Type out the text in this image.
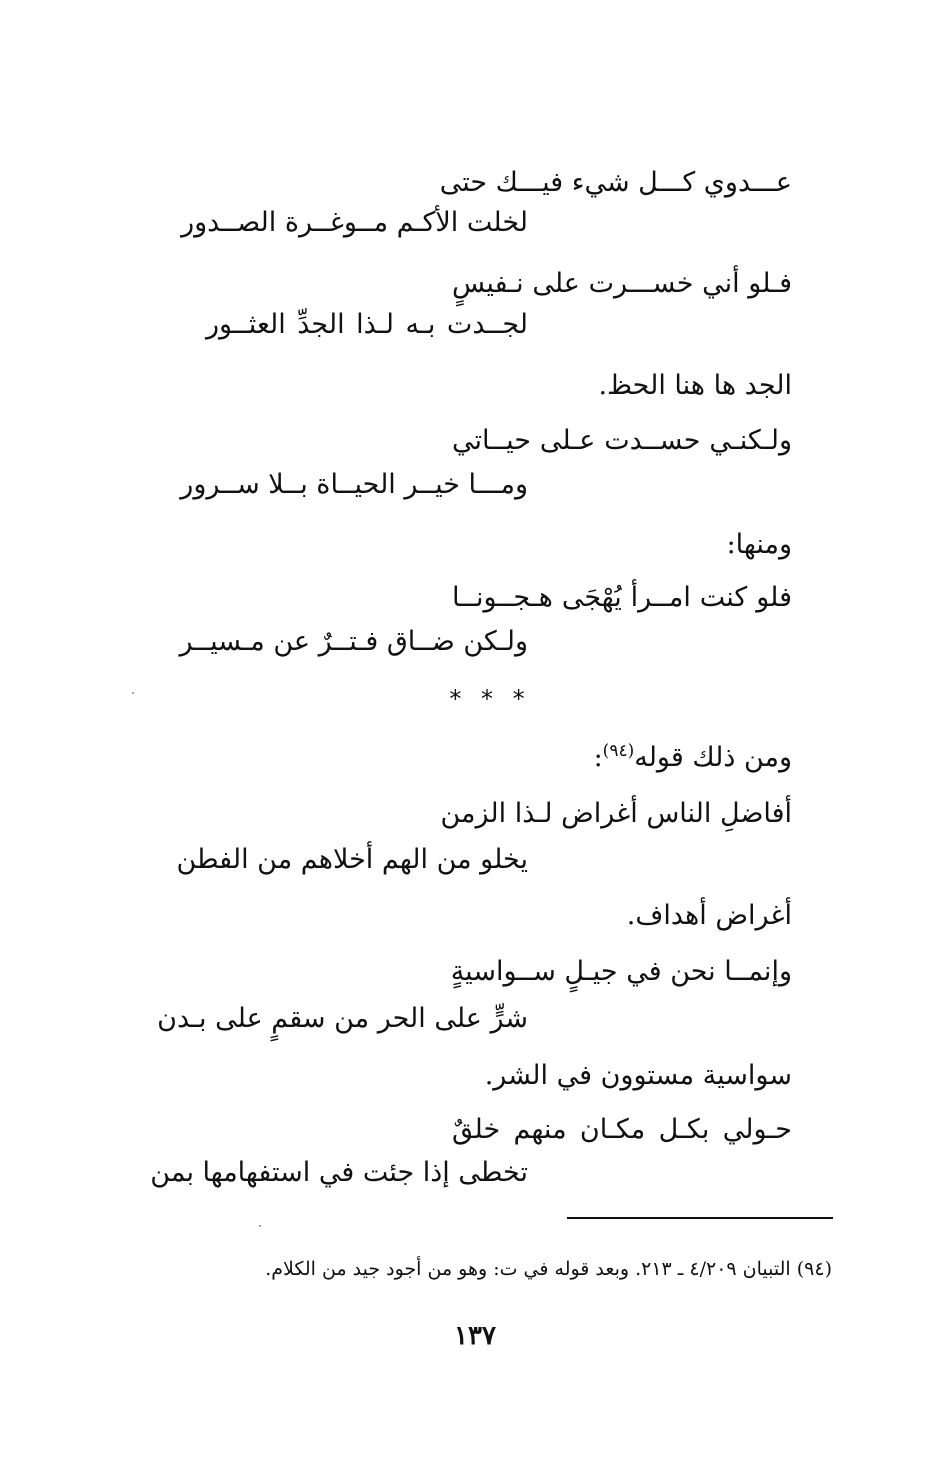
عـــدوي كـــل شيء فيـــك حتى
لخلت الأكـم مــوغــرة الصــدور
فـلو أني خســـرت على نـفيسٍ
لجــدت بـه لـذا الجدِّ العثــور
الجد ها هنا الحظ.
ولـكنـي حســدت عـلى حيــاتي
ومـــا خيــر الحيــاة بــلا ســرور
ومنها:
فلو كنت امــرأ يُهْجَى هـجــونــا
ولـكن ضــاق فـتــرٌ عن مـسيــر
* * *
ومن ذلك قوله$^{(٩٤)}$:
أفاضلِ الناس أغراض لـذا الزمن
يخلو من الهم أخلاهم من الفطن
أغراض أهداف.
وإنمــا نحن في جيـلٍ ســواسيةٍ
شرٍّ على الحر من سقمٍ على بـدن
سواسية مستوون في الشر.
حـولي بكـل مكـان منهم خلقٌ
تخطى إذا جئت في استفهامها بمن
(٩٤) التبيان ٤/٢٠٩ ـ ٢١٣. وبعد قوله في ت: وهو من أجود جيد من الكلام.
١٣٧
